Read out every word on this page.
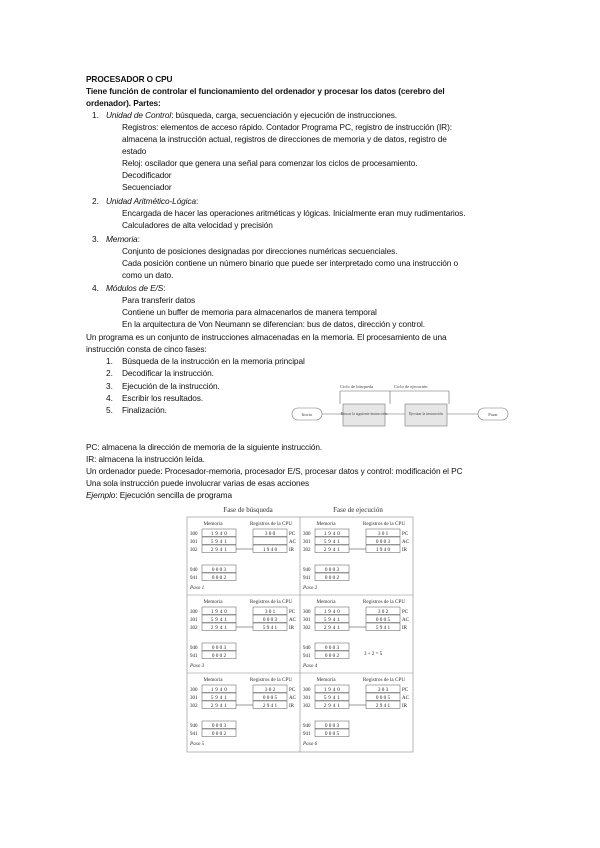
PROCESADOR O CPU
Tiene función de controlar el funcionamiento del ordenador y procesar los datos (cerebro del
ordenador). Partes:
1. Unidad de Control: búsqueda, carga, secuenciación y ejecución de instrucciones.
Registros: elementos de acceso rápido. Contador Programa PC, registro de instrucción (IR):
almacena la instrucción actual, registros de direcciones de memoria y de datos, registro de
estado
Reloj: oscilador que genera una señal para comenzar los ciclos de procesamiento.
Decodificador
Secuenciador
2. Unidad Aritmético-Lógica:
Encargada de hacer las operaciones aritméticas y lógicas. Inicialmente eran muy rudimentarios.
Calculadores de alta velocidad y precisión
3. Memoria:
Conjunto de posiciones designadas por direcciones numéricas secuenciales.
Cada posición contiene un número binario que puede ser interpretado como una instrucción o
como un dato.
4. Módulos de E/S:
Para transferir datos
Contiene un buffer de memoria para almacenarlos de manera temporal
En la arquitectura de Von Neumann se diferencian: bus de datos, dirección y control.
Un programa es un conjunto de instrucciones almacenadas en la memoria. El procesamiento de una
instrucción consta de cinco fases:
1. Búsqueda de la instrucción en la memoria principal
2. Decodificar la instrucción.
3. Ejecución de la instrucción.
4. Escribir los resultados.
5. Finalización.
Ciclo de búsqueda	Ciclo de ejecución
Inicio	Buscar la siguiente instrucción	Ejecutar la instrucción	Parar
PC: almacena la dirección de memoria de la siguiente instrucción.
IR: almacena la instrucción leída.
Un ordenador puede: Procesador-memoria, procesador E/S, procesar datos y control: modificación el PC
Una sola instrucción puede involucrar varias de esas acciones
Ejemplo: Ejecución sencilla de programa
Fase de búsqueda	Fase de ejecución
Memoria	Registros de la CPU
300	1 9 4 0
301	5 9 4 1
302	2 9 4 1
940	0 0 0 3
941	0 0 0 2
3 0 0	PC
AC
1 9 4 0 IR
Paso 1
Memoria	Registros de la CPU
300	1 9 4 0
301	5 9 4 1
302	2 9 4 1
940	0 0 0 3
941	0 0 0 2
3 0 1	PC
0 0 0 3 AC
1 9 4 0 IR
Paso 2
Memoria	Registros de la CPU
300	1 9 4 0
301	5 9 4 1
302	2 9 4 1
940	0 0 0 3
941	0 0 0 2
3 0 1	PC
0 0 0 3 AC
5 9 4 1 IR
Paso 3
Memoria	Registros de la CPU
300	1 9 4 0
301	5 9 4 1
302	2 9 4 1
940	0 0 0 3
941	0 0 0 2
3 0 2	PC
0 0 0 5 AC
5 9 4 1 IR
Paso 4
Memoria	Registros de la CPU
300	1 9 4 0
301	5 9 4 1
302	2 9 4 1
940	0 0 0 3
941	0 0 0 2
3 0 2	PC
0 0 0 5 AC
2 9 4 1 IR
Paso 5
Memoria	Registros de la CPU
300	1 9 4 0
301	5 9 4 1
302	2 9 4 1
940	0 0 0 3
941	0 0 0 5
3 0 3	PC
0 0 0 5 AC
2 9 4 1 IR
Paso 6
3 + 2 = 5
